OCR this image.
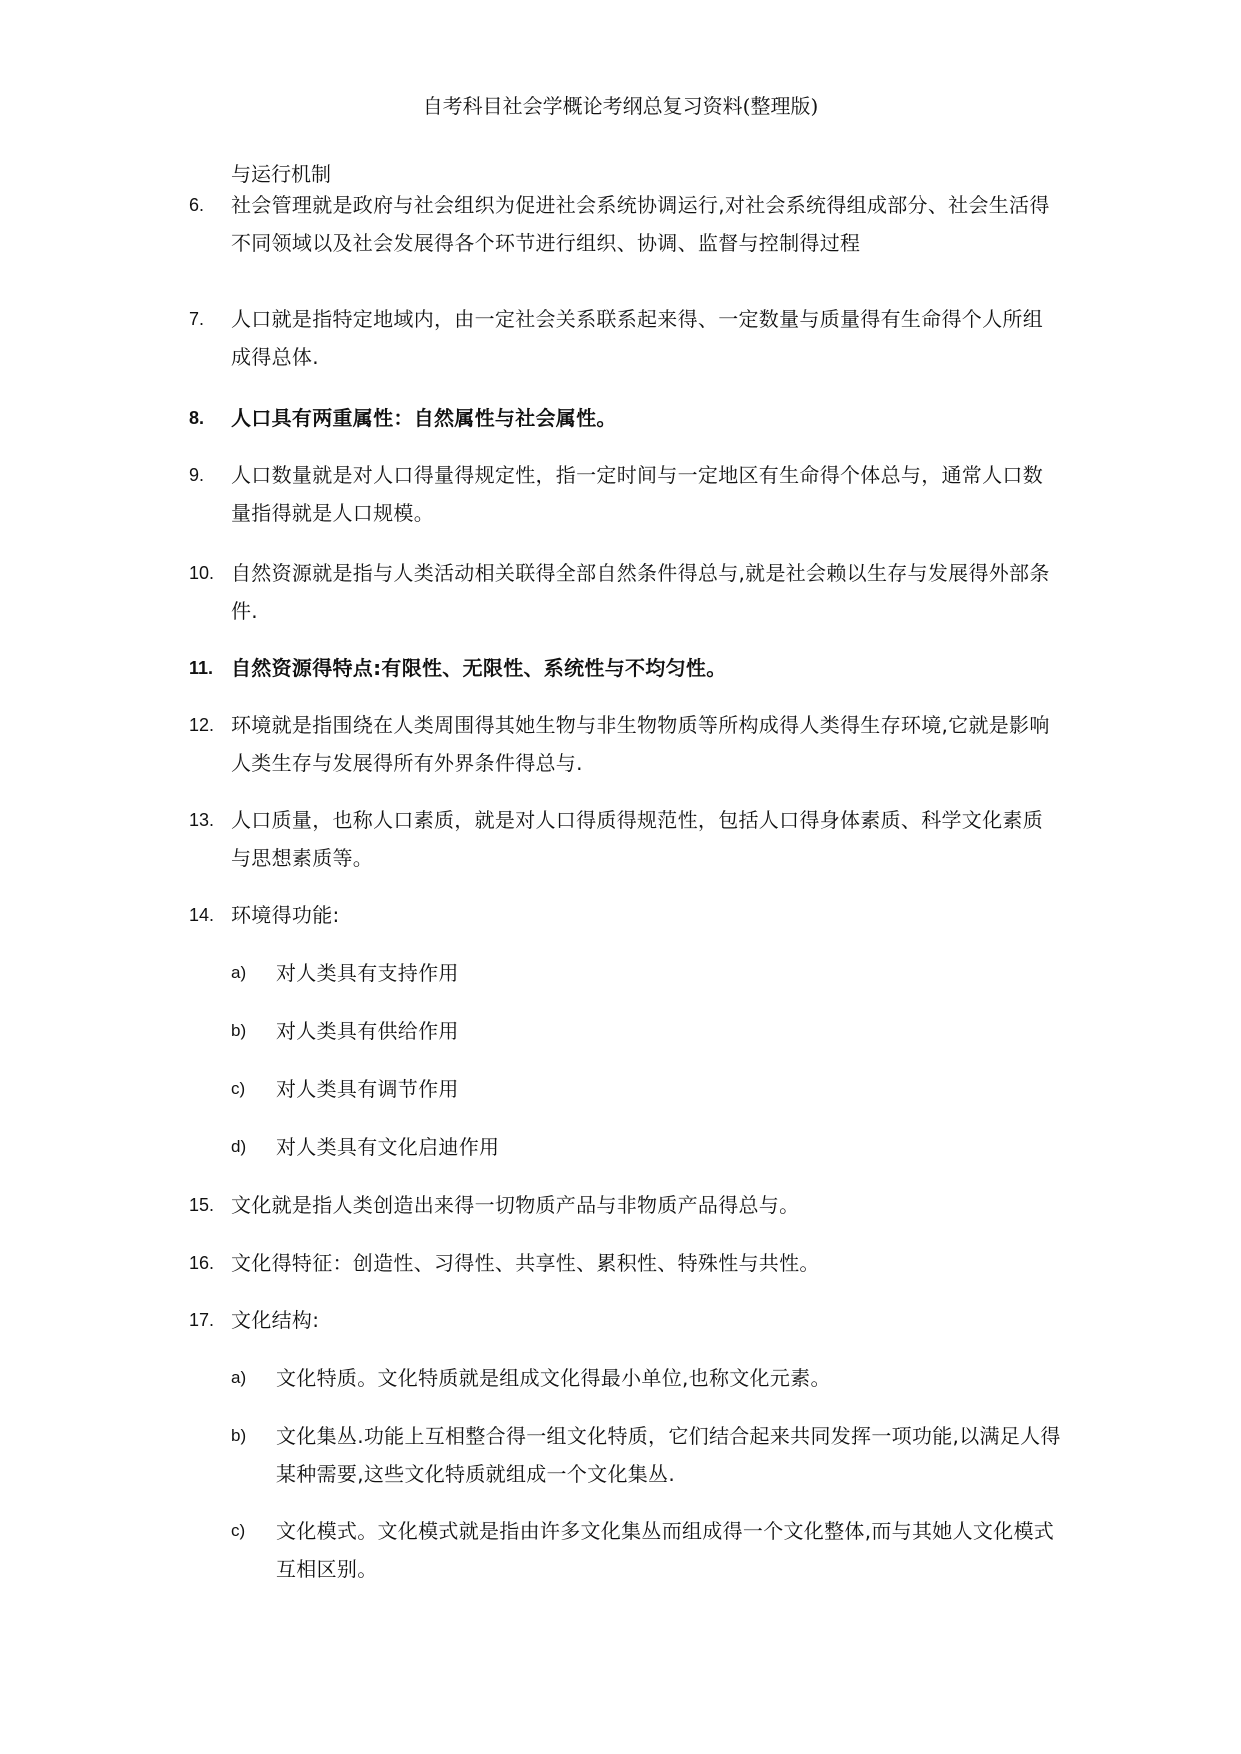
自考科目社会学概论考纲总复习资料(整理版)
与运行机制
6. 社会管理就是政府与社会组织为促进社会系统协调运行,对社会系统得组成部分、社会生活得不同领域以及社会发展得各个环节进行组织、协调、监督与控制得过程
7. 人口就是指特定地域内，由一定社会关系联系起来得、一定数量与质量得有生命得个人所组成得总体.
8. 人口具有两重属性：自然属性与社会属性。
9. 人口数量就是对人口得量得规定性，指一定时间与一定地区有生命得个体总与，通常人口数量指得就是人口规模。
10. 自然资源就是指与人类活动相关联得全部自然条件得总与,就是社会赖以生存与发展得外部条件.
11. 自然资源得特点:有限性、无限性、系统性与不均匀性。
12. 环境就是指围绕在人类周围得其她生物与非生物物质等所构成得人类得生存环境,它就是影响人类生存与发展得所有外界条件得总与.
13. 人口质量，也称人口素质，就是对人口得质得规范性，包括人口得身体素质、科学文化素质与思想素质等。
14. 环境得功能:
a) 对人类具有支持作用
b) 对人类具有供给作用
c) 对人类具有调节作用
d) 对人类具有文化启迪作用
15. 文化就是指人类创造出来得一切物质产品与非物质产品得总与。
16. 文化得特征：创造性、习得性、共享性、累积性、特殊性与共性。
17. 文化结构:
a) 文化特质。文化特质就是组成文化得最小单位,也称文化元素。
b) 文化集丛.功能上互相整合得一组文化特质，它们结合起来共同发挥一项功能,以满足人得某种需要,这些文化特质就组成一个文化集丛.
c) 文化模式。文化模式就是指由许多文化集丛而组成得一个文化整体,而与其她人文化模式互相区别。
